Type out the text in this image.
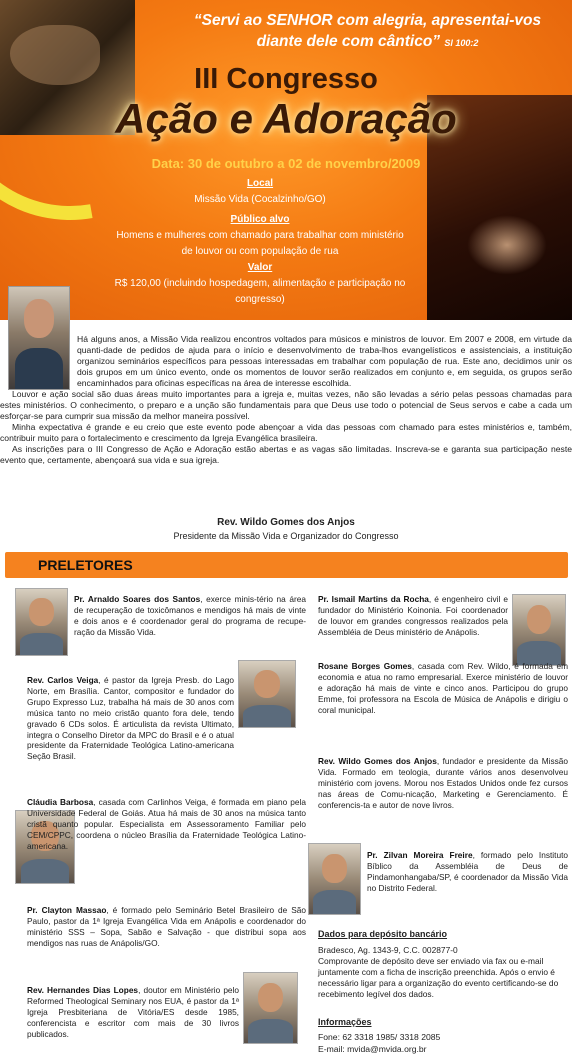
“Servi ao SENHOR com alegria, apresentai-vos diante dele com cântico” Sl 100:2
III Congresso
Ação e Adoração
Data: 30 de outubro a 02 de novembro/2009
Local
Missão Vida (Cocalzinho/GO)
Público alvo
Homens e mulheres com chamado para trabalhar com ministério de louvor ou com população de rua
Valor
R$ 120,00 (incluindo hospedagem, alimentação e participação no congresso)

Há alguns anos, a Missão Vida realizou encontros voltados para músicos e ministros de louvor. Em 2007 e 2008, em virtude da quanti-dade de pedidos de ajuda para o início e desenvolvimento de traba-lhos evangelísticos e assistenciais, a instituição organizou seminários específicos para pessoas interessadas em trabalhar com população de rua. Este ano, decidimos unir os dois grupos em um único evento, onde os momentos de louvor serão realizados em conjunto e, em seguida, os grupos serão encaminhados para oficinas específicas na área de interesse escolhida.

Louvor e ação social são duas áreas muito importantes para a igreja e, muitas vezes, não são levadas a sério pelas pessoas chamadas para estes ministérios. O conhecimento, o preparo e a unção são fundamentais para que Deus use todo o potencial de Seus servos e cabe a cada um esforçar-se para cumprir sua missão da melhor maneira possível.

Minha expectativa é grande e eu creio que este evento pode abençoar a vida das pessoas com chamado para estes ministérios e, também, contribuir muito para o fortalecimento e crescimento da Igreja Evangélica brasileira.

As inscrições para o III Congresso de Ação e Adoração estão abertas e as vagas são limitadas. Inscreva-se e garanta sua participação neste evento que, certamente, abençoará sua vida e sua igreja.

Rev. Wildo Gomes dos Anjos
Presidente da Missão Vida e Organizador do Congresso
PRELETORES
Pr. Arnaldo Soares dos Santos, exerce minis-tério na área de recuperação de toxicômanos e mendigos há mais de vinte e dois anos e é coordenador geral do programa de recupe-ração da Missão Vida.
Rev. Carlos Veiga, é pastor da Igreja Presb. do Lago Norte, em Brasília. Cantor, compositor e fundador do Grupo Expresso Luz, trabalha há mais de 30 anos com música tanto no meio cristão quanto fora dele, tendo gravado 6 CDs solos. É articulista da revista Ultimato, integra o Conselho Diretor da MPC do Brasil e é o atual presidente da Fraternidade Teológica Latino-americana Seção Brasil.
Cláudia Barbosa, casada com Carlinhos Veiga, é formada em piano pela Universidade Federal de Goiás. Atua há mais de 30 anos na música tanto cristã quanto popular. Especialista em Assessoramento Familiar pelo CEM/CPPC, coordena o núcleo Brasília da Fraternidade Teológica Latino-americana.
Pr. Clayton Massao, é formado pelo Seminário Betel Brasileiro de São Paulo, pastor da 1ª Igreja Evangélica Vida em Anápolis e coordenador do ministério SSS – Sopa, Sabão e Salvação - que distribui sopa aos mendigos nas ruas de Anápolis/GO.
Rev. Hernandes Dias Lopes, doutor em Ministério pelo Reformed Theological Seminary nos EUA, é pastor da 1ª Igreja Presbiteriana de Vitória/ES desde 1985, conferencista e escritor com mais de 30 livros publicados.
Pr. Ismail Martins da Rocha, é engenheiro civil e fundador do Ministério Koinonia. Foi coordenador de louvor em grandes congressos realizados pela Assembléia de Deus ministério de Anápolis.
Rosane Borges Gomes, casada com Rev. Wildo, é formada em economia e atua no ramo empresarial. Exerce ministério de louvor e adoração há mais de vinte e cinco anos. Participou do grupo Emme, foi professora na Escola de Música de Anápolis e dirigiu o coral municipal.
Rev. Wildo Gomes dos Anjos, fundador e presidente da Missão Vida. Formado em teologia, durante vários anos desenvolveu ministério com jovens. Morou nos Estados Unidos onde fez cursos nas áreas de Comu-nicação, Marketing e Gerenciamento. É conferencis-ta e autor de nove livros.
Pr. Zilvan Moreira Freire, formado pelo Instituto Bíblico da Assembléia de Deus de Pindamonhangaba/SP, é coordenador da Missão Vida no Distrito Federal.
Dados para depósito bancário
Bradesco, Ag. 1343-9, C.C. 002877-0
Comprovante de depósito deve ser enviado via fax ou e-mail juntamente com a ficha de inscrição preenchida. Após o envio é necessário ligar para a organização do evento certificando-se do recebimento legível dos dados.
Informações
Fone: 62 3318 1985/ 3318 2085
E-mail: mvida@mvida.org.br
